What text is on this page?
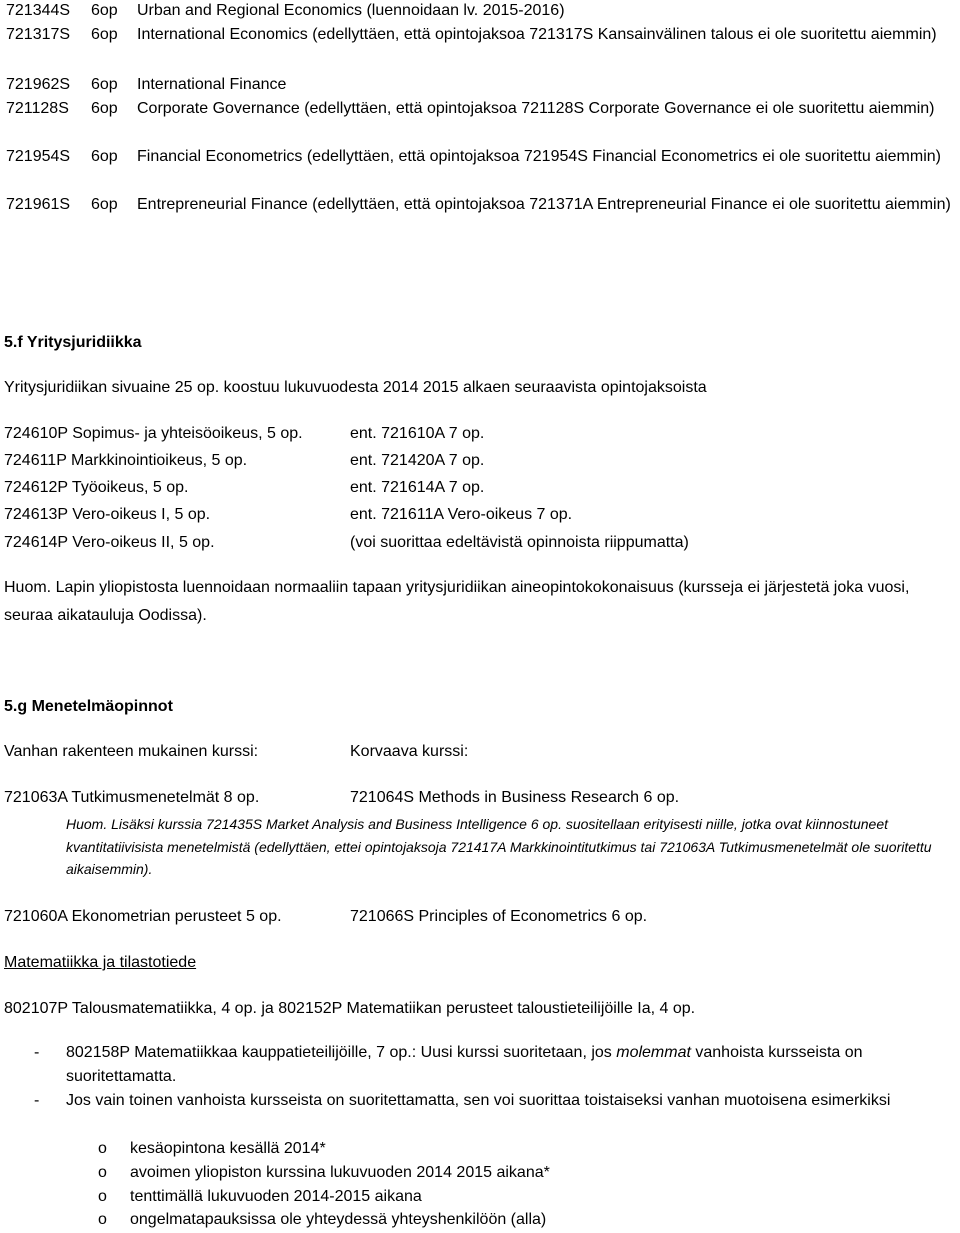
721344S	6op	Urban and Regional Economics (luennoidaan lv. 2015-2016)
721317S	6op	International Economics (edellyttäen, että opintojaksoa 721317S Kansainvälinen talous ei ole suoritettu aiemmin)
721962S	6op	International Finance
721128S	6op	Corporate Governance (edellyttäen, että opintojaksoa 721128S Corporate Governance ei ole suoritettu aiemmin)
721954S	6op	Financial Econometrics (edellyttäen, että opintojaksoa 721954S Financial Econometrics ei ole suoritettu aiemmin)
721961S	6op	Entrepreneurial Finance (edellyttäen, että opintojaksoa 721371A Entrepreneurial Finance ei ole suoritettu aiemmin)
5.f Yritysjuridiikka
Yritysjuridiikan sivuaine 25 op. koostuu lukuvuodesta 2014 2015 alkaen seuraavista opintojaksoista
724610P Sopimus- ja yhteisöoikeus, 5 op.	ent. 721610A 7 op.
724611P Markkinointioikeus, 5 op.	ent. 721420A 7 op.
724612P Työoikeus, 5 op.	ent. 721614A 7 op.
724613P Vero-oikeus I, 5 op.	ent. 721611A Vero-oikeus 7 op.
724614P Vero-oikeus II, 5 op.	(voi suorittaa edeltävistä opinnoista riippumatta)
Huom. Lapin yliopistosta luennoidaan normaaliin tapaan yritysjuridiikan aineopintokokonaisuus (kursseja ei järjestetä joka vuosi, seuraa aikatauluja Oodissa).
5.g Menetelmäopinnot
Vanhan rakenteen mukainen kurssi:	Korvaava kurssi:
721063A Tutkimusmenetelmät 8 op.	721064S Methods in Business Research 6 op.
Huom. Lisäksi kurssia 721435S Market Analysis and Business Intelligence 6 op. suositellaan erityisesti niille, jotka ovat kiinnostuneet kvantitatiivisista menetelmistä (edellyttäen, ettei opintojaksoja 721417A Markkinointitutkimus tai 721063A Tutkimusmenetelmät ole suoritettu aikaisemmin).
721060A Ekonometrian perusteet 5 op.	721066S Principles of Econometrics 6 op.
Matematiikka ja tilastotiede
802107P Talousmatematiikka, 4 op. ja 802152P Matematiikan perusteet taloustieteilijöille Ia, 4 op.
- 802158P Matematiikkaa kauppatieteilijöille, 7 op.: Uusi kurssi suoritetaan, jos molemmat vanhoista kursseista on suoritettamatta.
- Jos vain toinen vanhoista kursseista on suoritettamatta, sen voi suorittaa toistaiseksi vanhan muotoisena esimerkiksi
o kesäopintona kesällä 2014*
o avoimen yliopiston kurssina lukuvuoden 2014 2015 aikana*
o tenttimällä lukuvuoden 2014-2015 aikana
o ongelmatapauksissa ole yhteydessä yhteyshenkilöön (alla)
